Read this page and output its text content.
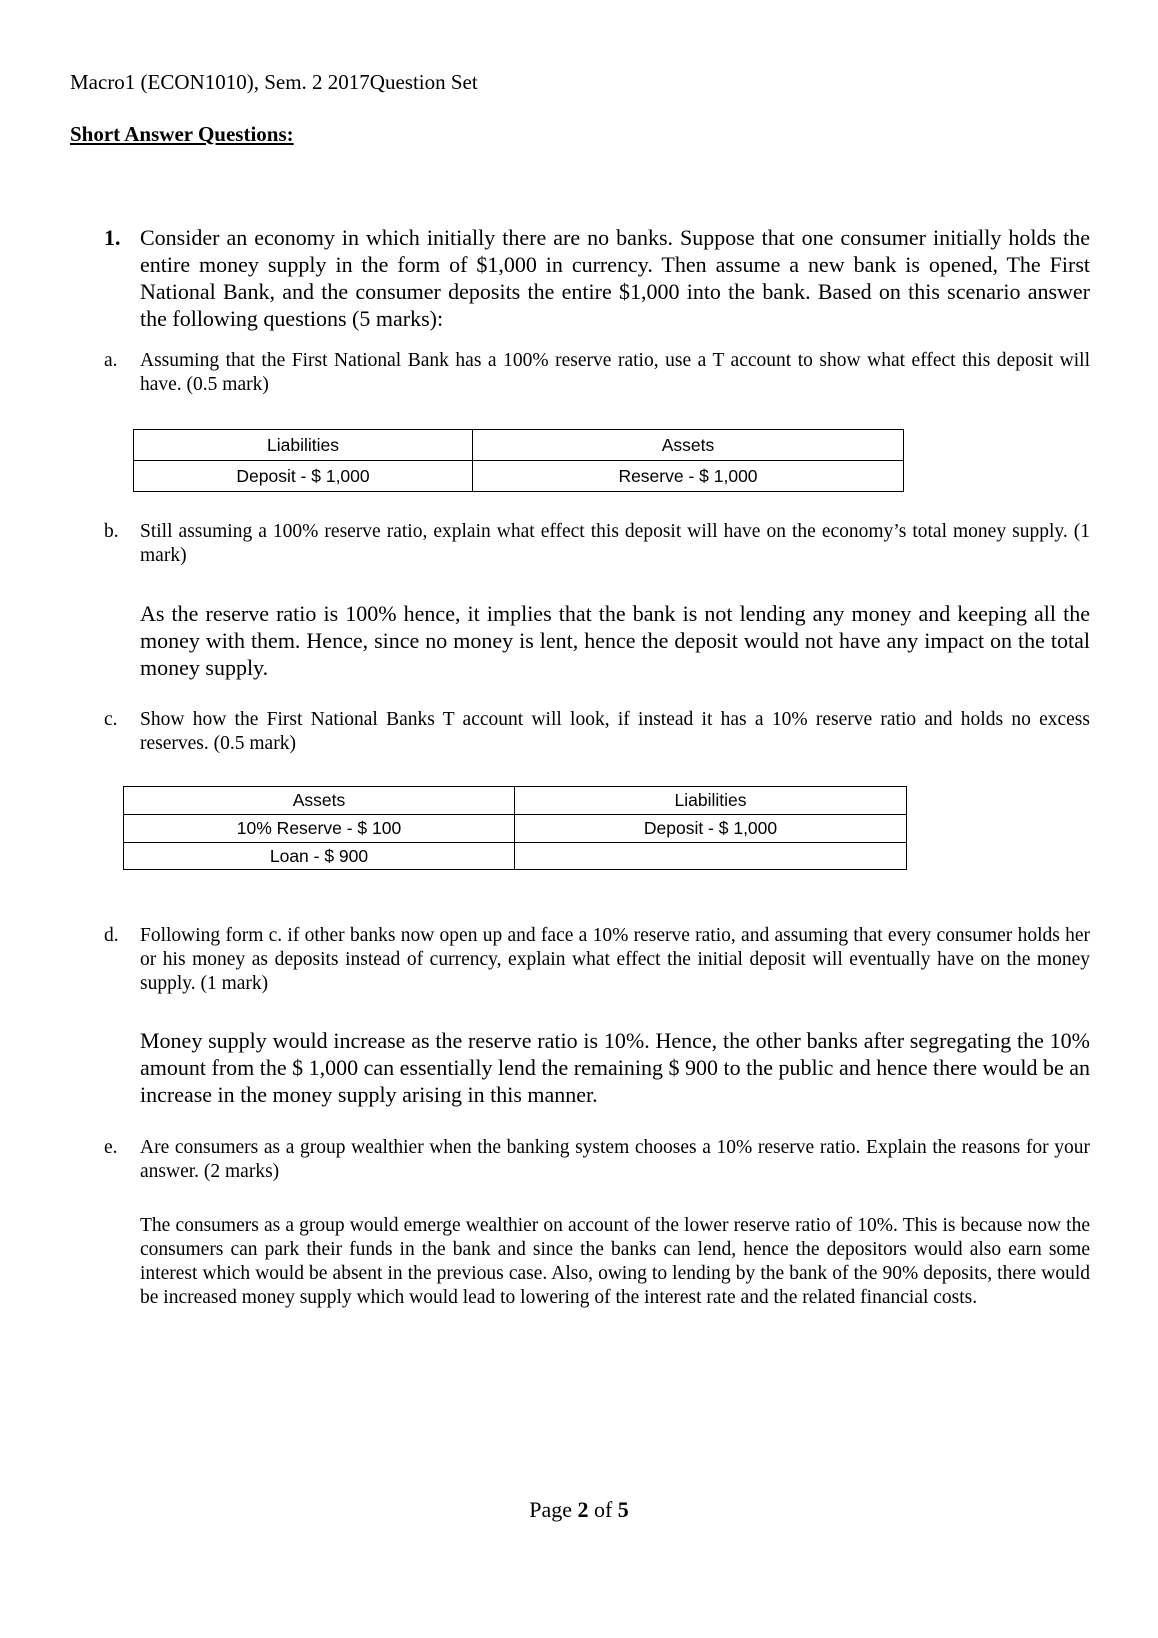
Macro1 (ECON1010), Sem. 2 2017Question Set
Short Answer Questions:
1. Consider an economy in which initially there are no banks. Suppose that one consumer initially holds the entire money supply in the form of $1,000 in currency. Then assume a new bank is opened, The First National Bank, and the consumer deposits the entire $1,000 into the bank. Based on this scenario answer the following questions (5 marks):
a. Assuming that the First National Bank has a 100% reserve ratio, use a T account to show what effect this deposit will have. (0.5 mark)
Liabilities	Assets
Deposit - $ 1,000	Reserve - $ 1,000
b. Still assuming a 100% reserve ratio, explain what effect this deposit will have on the economy’s total money supply. (1 mark)
As the reserve ratio is 100% hence, it implies that the bank is not lending any money and keeping all the money with them. Hence, since no money is lent, hence the deposit would not have any impact on the total money supply.
c. Show how the First National Banks T account will look, if instead it has a 10% reserve ratio and holds no excess reserves. (0.5 mark)
Assets	Liabilities
10% Reserve - $ 100	Deposit - $ 1,000
Loan - $ 900	
d. Following form c. if other banks now open up and face a 10% reserve ratio, and assuming that every consumer holds her or his money as deposits instead of currency, explain what effect the initial deposit will eventually have on the money supply. (1 mark)
Money supply would increase as the reserve ratio is 10%. Hence, the other banks after segregating the 10% amount from the $ 1,000 can essentially lend the remaining $ 900 to the public and hence there would be an increase in the money supply arising in this manner.
e. Are consumers as a group wealthier when the banking system chooses a 10% reserve ratio. Explain the reasons for your answer. (2 marks)
The consumers as a group would emerge wealthier on account of the lower reserve ratio of 10%. This is because now the consumers can park their funds in the bank and since the banks can lend, hence the depositors would also earn some interest which would be absent in the previous case. Also, owing to lending by the bank of the 90% deposits, there would be increased money supply which would lead to lowering of the interest rate and the related financial costs.
Page 2 of 5
